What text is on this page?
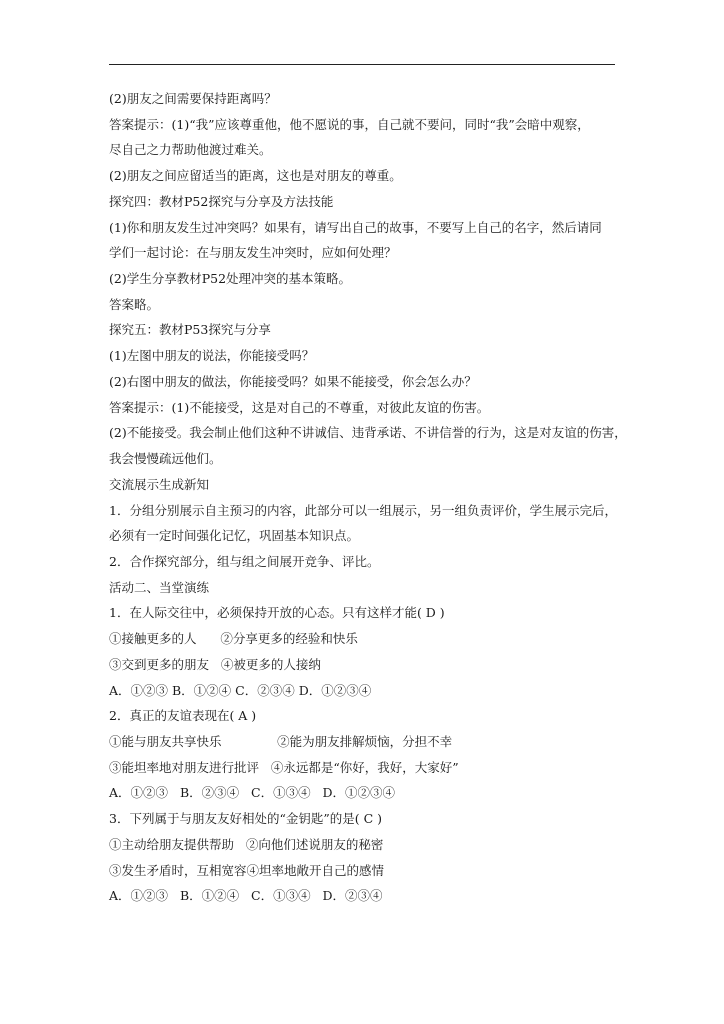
(2)朋友之间需要保持距离吗？
答案提示：(1)“我”应该尊重他，他不愿说的事，自己就不要问，同时“我”会暗中观察，
尽自己之力帮助他渡过难关。
(2)朋友之间应留适当的距离，这也是对朋友的尊重。
探究四：教材P52探究与分享及方法技能
(1)你和朋友发生过冲突吗？如果有，请写出自己的故事，不要写上自己的名字，然后请同
学们一起讨论：在与朋友发生冲突时，应如何处理？
(2)学生分享教材P52处理冲突的基本策略。
答案略。
探究五：教材P53探究与分享
(1)左图中朋友的说法，你能接受吗？
(2)右图中朋友的做法，你能接受吗？如果不能接受，你会怎么办？
答案提示：(1)不能接受，这是对自己的不尊重，对彼此友谊的伤害。
(2)不能接受。我会制止他们这种不讲诚信、违背承诺、不讲信誉的行为，这是对友谊的伤害，
我会慢慢疏远他们。
交流展示生成新知
1．分组分别展示自主预习的内容，此部分可以一组展示，另一组负责评价，学生展示完后，
必须有一定时间强化记忆，巩固基本知识点。
2．合作探究部分，组与组之间展开竞争、评比。
活动二、当堂演练
1．在人际交往中，必须保持开放的心态。只有这样才能( D )
①接触更多的人      ②分享更多的经验和快乐
③交到更多的朋友   ④被更多的人接纳
A．①②③ B．①②④ C．②③④ D．①②③④
2．真正的友谊表现在( A )
①能与朋友共享快乐              ②能为朋友排解烦恼，分担不幸
③能坦率地对朋友进行批评   ④永远都是“你好，我好，大家好”
A．①②③   B．②③④   C．①③④   D．①②③④
3．下列属于与朋友友好相处的“金钥匙”的是( C )
①主动给朋友提供帮助   ②向他们述说朋友的秘密
③发生矛盾时，互相宽容④坦率地敞开自己的感情
A．①②③   B．①②④   C．①③④   D．②③④
